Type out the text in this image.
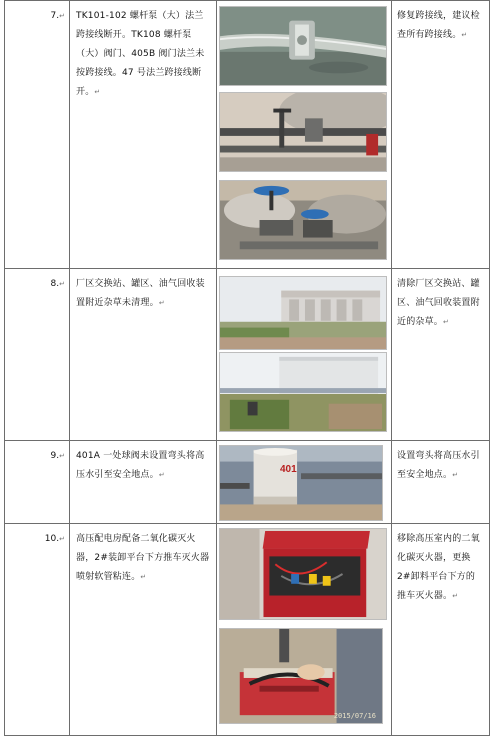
7.↵	TK101-102 螺杆泵（大）法兰跨接线断开。TK108 螺杆泵（大）阀门、405B 阀门法兰未按跨接线。47 号法兰跨接线断开。↵
修复跨接线，建议检查所有跨接线。↵
8.↵	厂区交换站、罐区、油气回收装置附近杂草未清理。↵
清除厂区交换站、罐区、油气回收装置附近的杂草。↵
9.↵	401A 一处球阀未设置弯头将高压水引至安全地点。↵
设置弯头将高压水引至安全地点。↵
10.↵	高压配电房配备二氧化碳灭火器，2#装卸平台下方推车灭火器喷射软管粘连。↵
移除高压室内的二氧化碳灭火器，更换 2#卸料平台下方的推车灭火器。↵
401
2015/07/16
